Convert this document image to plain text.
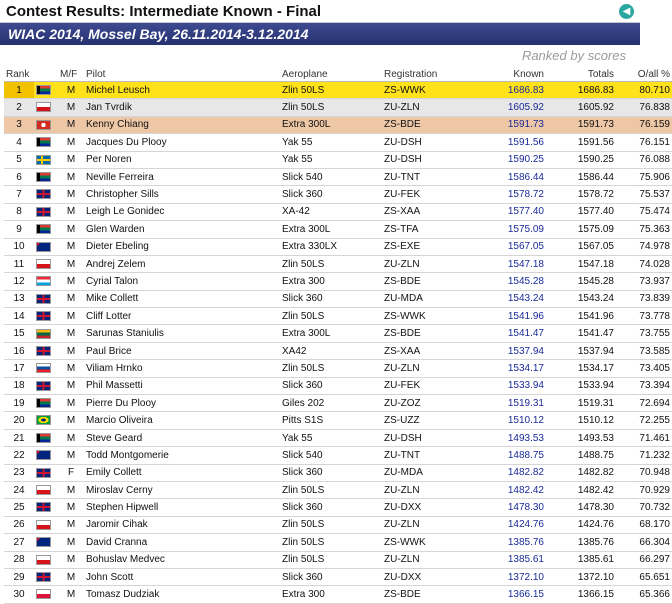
Contest Results: Intermediate Known - Final	◀
WIAC 2014, Mossel Bay, 26.11.2014-3.12.2014
Ranked by scores
Rank		M/F	Pilot	Aeroplane	Registration	Known	Totals	O/all %
1		M	Michel Leusch	Zlin 50LS	ZS-WWK	1686.83	1686.83	80.710
2		M	Jan Tvrdik	Zlin 50LS	ZU-ZLN	1605.92	1605.92	76.838
3		M	Kenny Chiang	Extra 300L	ZS-BDE	1591.73	1591.73	76.159
4		M	Jacques Du Plooy	Yak 55	ZU-DSH	1591.56	1591.56	76.151
5		M	Per Noren	Yak 55	ZU-DSH	1590.25	1590.25	76.088
6		M	Neville Ferreira	Slick 540	ZU-TNT	1586.44	1586.44	75.906
7		M	Christopher Sills	Slick 360	ZU-FEK	1578.72	1578.72	75.537
8		M	Leigh Le Gonidec	XA-42	ZS-XAA	1577.40	1577.40	75.474
9		M	Glen Warden	Extra 300L	ZS-TFA	1575.09	1575.09	75.363
10		M	Dieter Ebeling	Extra 330LX	ZS-EXE	1567.05	1567.05	74.978
11		M	Andrej Zelem	Zlin 50LS	ZU-ZLN	1547.18	1547.18	74.028
12		M	Cyrial Talon	Extra 300	ZS-BDE	1545.28	1545.28	73.937
13		M	Mike Collett	Slick 360	ZU-MDA	1543.24	1543.24	73.839
14		M	Cliff Lotter	Zlin 50LS	ZS-WWK	1541.96	1541.96	73.778
15		M	Sarunas Staniulis	Extra 300L	ZS-BDE	1541.47	1541.47	73.755
16		M	Paul Brice	XA42	ZS-XAA	1537.94	1537.94	73.585
17		M	Viliam Hrnko	Zlin 50LS	ZU-ZLN	1534.17	1534.17	73.405
18		M	Phil Massetti	Slick 360	ZU-FEK	1533.94	1533.94	73.394
19		M	Pierre Du Plooy	Giles 202	ZU-ZOZ	1519.31	1519.31	72.694
20		M	Marcio Oliveira	Pitts S1S	ZS-UZZ	1510.12	1510.12	72.255
21		M	Steve Geard	Yak 55	ZU-DSH	1493.53	1493.53	71.461
22		M	Todd Montgomerie	Slick 540	ZU-TNT	1488.75	1488.75	71.232
23		F	Emily Collett	Slick 360	ZU-MDA	1482.82	1482.82	70.948
24		M	Miroslav Cerny	Zlin 50LS	ZU-ZLN	1482.42	1482.42	70.929
25		M	Stephen Hipwell	Slick 360	ZU-DXX	1478.30	1478.30	70.732
26		M	Jaromir Cihak	Zlin 50LS	ZU-ZLN	1424.76	1424.76	68.170
27		M	David Cranna	Zlin 50LS	ZS-WWK	1385.76	1385.76	66.304
28		M	Bohuslav Medvec	Zlin 50LS	ZU-ZLN	1385.61	1385.61	66.297
29		M	John Scott	Slick 360	ZU-DXX	1372.10	1372.10	65.651
30		M	Tomasz Dudziak	Extra 300	ZS-BDE	1366.15	1366.15	65.366
